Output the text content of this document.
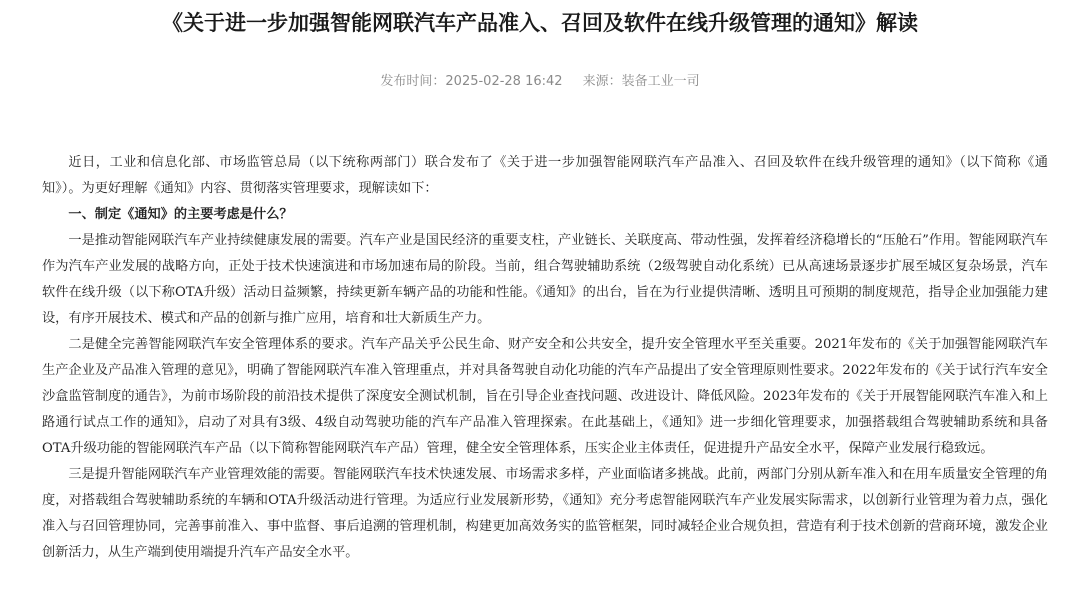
《关于进一步加强智能网联汽车产品准入、召回及软件在线升级管理的通知》解读
发布时间：2025-02-28 16:42 来源：装备工业一司

近日，工业和信息化部、市场监管总局（以下统称两部门）联合发布了《关于进一步加强智能网联汽车产品准入、召回及软件在线升级管理的通知》（以下简称《通知》）。为更好理解《通知》内容、贯彻落实管理要求，现解读如下：

一、制定《通知》的主要考虑是什么？

一是推动智能网联汽车产业持续健康发展的需要。汽车产业是国民经济的重要支柱，产业链长、关联度高、带动性强，发挥着经济稳增长的“压舱石”作用。智能网联汽车作为汽车产业发展的战略方向，正处于技术快速演进和市场加速布局的阶段。当前，组合驾驶辅助系统（2级驾驶自动化系统）已从高速场景逐步扩展至城区复杂场景，汽车软件在线升级（以下称OTA升级）活动日益频繁，持续更新车辆产品的功能和性能。《通知》的出台，旨在为行业提供清晰、透明且可预期的制度规范，指导企业加强能力建设，有序开展技术、模式和产品的创新与推广应用，培育和壮大新质生产力。

二是健全完善智能网联汽车安全管理体系的要求。汽车产品关乎公民生命、财产安全和公共安全，提升安全管理水平至关重要。2021年发布的《关于加强智能网联汽车生产企业及产品准入管理的意见》，明确了智能网联汽车准入管理重点，并对具备驾驶自动化功能的汽车产品提出了安全管理原则性要求。2022年发布的《关于试行汽车安全沙盒监管制度的通告》，为前市场阶段的前沿技术提供了深度安全测试机制，旨在引导企业查找问题、改进设计、降低风险。2023年发布的《关于开展智能网联汽车准入和上路通行试点工作的通知》，启动了对具有3级、4级自动驾驶功能的汽车产品准入管理探索。在此基础上，《通知》进一步细化管理要求，加强搭载组合驾驶辅助系统和具备OTA升级功能的智能网联汽车产品（以下简称智能网联汽车产品）管理，健全安全管理体系，压实企业主体责任，促进提升产品安全水平，保障产业发展行稳致远。

三是提升智能网联汽车产业管理效能的需要。智能网联汽车技术快速发展、市场需求多样，产业面临诸多挑战。此前，两部门分别从新车准入和在用车质量安全管理的角度，对搭载组合驾驶辅助系统的车辆和OTA升级活动进行管理。为适应行业发展新形势，《通知》充分考虑智能网联汽车产业发展实际需求，以创新行业管理为着力点，强化准入与召回管理协同，完善事前准入、事中监督、事后追溯的管理机制，构建更加高效务实的监管框架，同时减轻企业合规负担，营造有利于技术创新的营商环境，激发企业创新活力，从生产端到使用端提升汽车产品安全水平。
